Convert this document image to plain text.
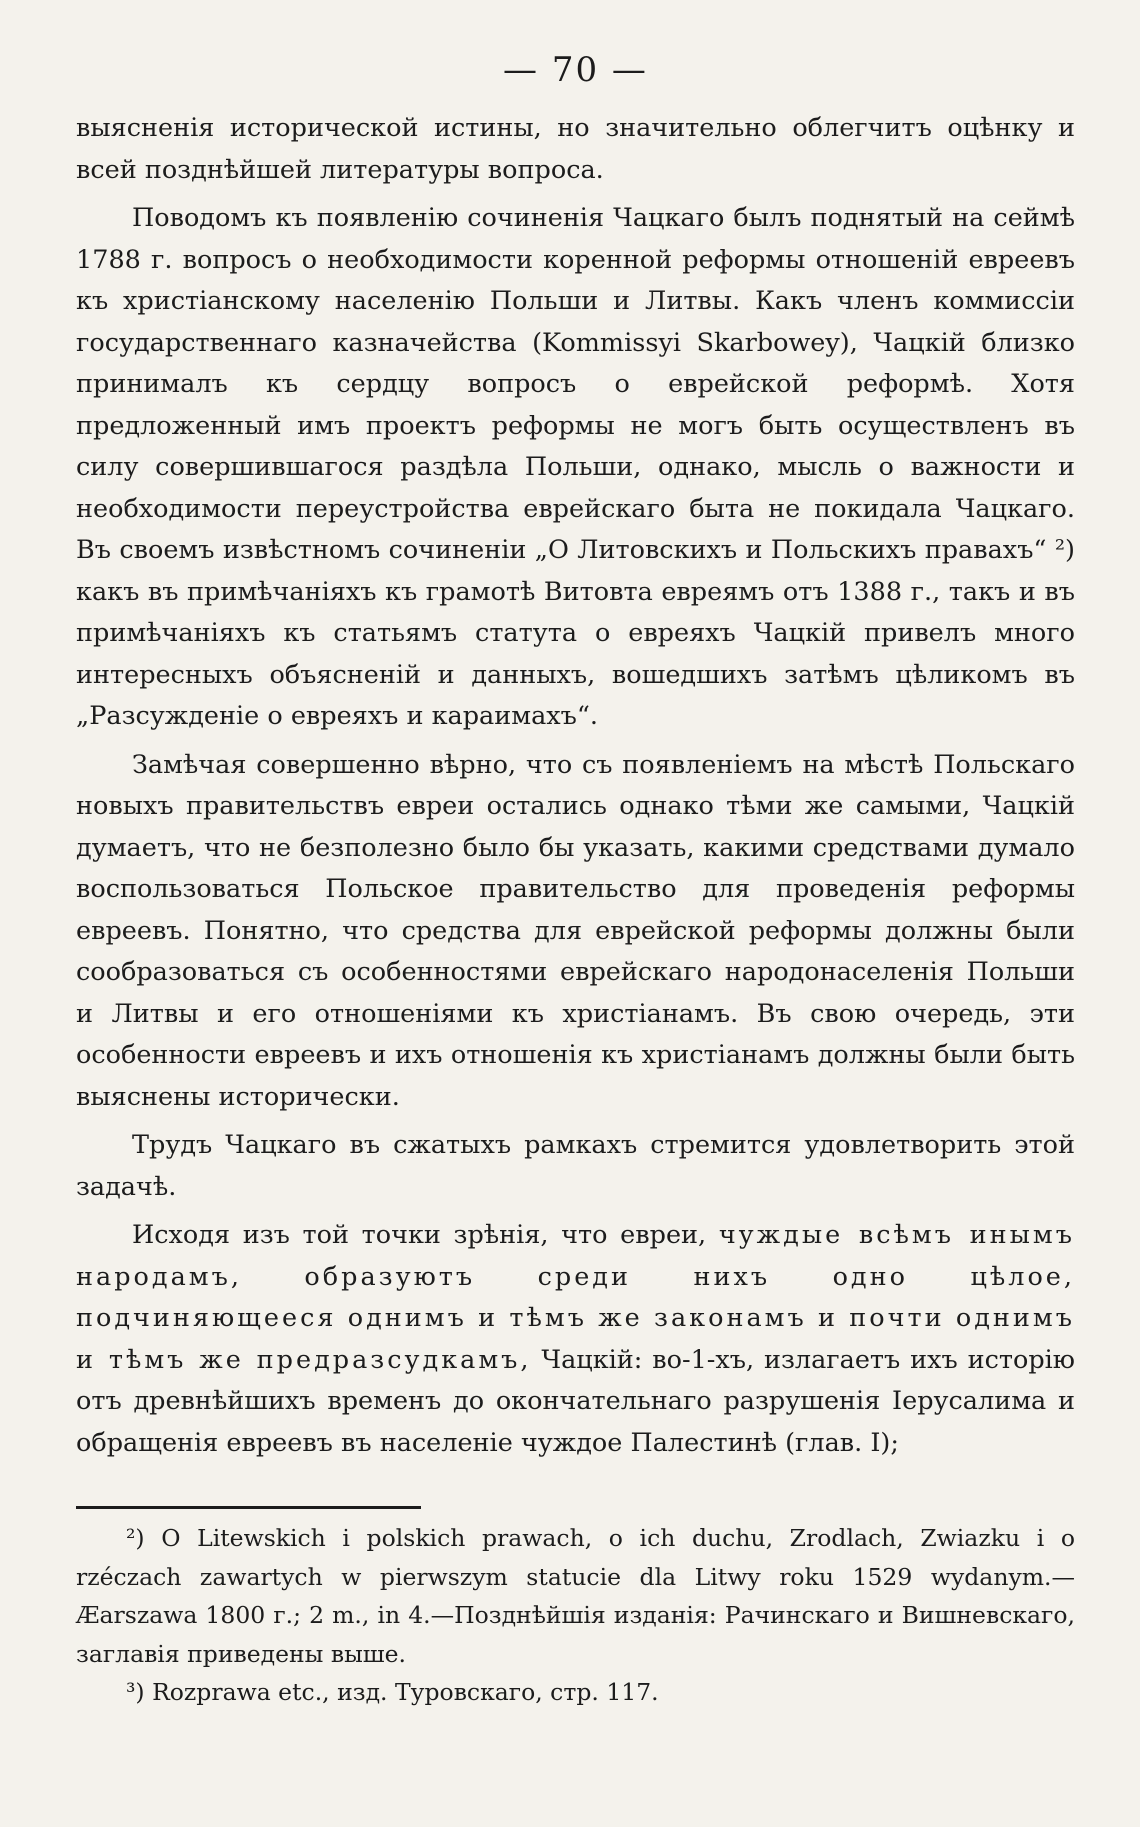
— 70 —

выясненія исторической истины, но значительно облегчитъ оцѣнку и всей позднѣйшей литературы вопроса.

Поводомъ къ появленію сочиненія Чацкаго былъ поднятый на сеймѣ 1788 г. вопросъ о необходимости коренной реформы отношеній евреевъ къ христіанскому населенію Польши и Литвы. Какъ членъ коммиссіи государственнаго казначейства (Kommissyi Skarbowey), Чацкій близко принималъ къ сердцу вопросъ о еврейской реформѣ. Хотя предложенный имъ проектъ реформы не могъ быть осуществленъ въ силу совершившагося раздѣла Польши, однако, мысль о важности и необходимости переустройства еврейскаго быта не покидала Чацкаго. Въ своемъ извѣстномъ сочиненіи „О Литовскихъ и Польскихъ правахъ“ ²) какъ въ примѣчаніяхъ къ грамотѣ Витовта евреямъ отъ 1388 г., такъ и въ примѣчаніяхъ къ статьямъ статута о евреяхъ Чацкій привелъ много интересныхъ объясненій и данныхъ, вошедшихъ затѣмъ цѣликомъ въ „Разсужденіе о евреяхъ и караимахъ“.

Замѣчая совершенно вѣрно, что съ появленіемъ на мѣстѣ Польскаго новыхъ правительствъ евреи остались однако тѣми же самыми, Чацкій думаетъ, что не безполезно было бы указать, какими средствами думало воспользоваться Польское правительство для проведенія реформы евреевъ. Понятно, что средства для еврейской реформы должны были сообразоваться съ особенностями еврейскаго народонаселенія Польши и Литвы и его отношеніями къ христіанамъ. Въ свою очередь, эти особенности евреевъ и ихъ отношенія къ христіанамъ должны были быть выяснены исторически.

Трудъ Чацкаго въ сжатыхъ рамкахъ стремится удовлетворить этой задачѣ.

Исходя изъ той точки зрѣнія, что евреи, чуждые всѣмъ инымъ народамъ, образуютъ среди нихъ одно цѣлое, подчиняющееся однимъ и тѣмъ же законамъ и почти однимъ и тѣмъ же предразсудкамъ, Чацкій: во-1-хъ, излагаетъ ихъ исторію отъ древнѣйшихъ временъ до окончательнаго разрушенія Іерусалима и обращенія евреевъ въ населеніе чуждое Палестинѣ (глав. I);

²) O Litewskich i polskich prawach, o ich duchu, Zrodlach, Zwiazku i o rzéczach zawartych w pierwszym statucie dla Litwy roku 1529 wydanym.—Æarszawa 1800 г.; 2 m., in 4.—Позднѣйшія изданія: Рачинскаго и Вишневскаго, заглавія приведены выше.

³) Rozprawa etc., изд. Туровскаго, стр. 117.
